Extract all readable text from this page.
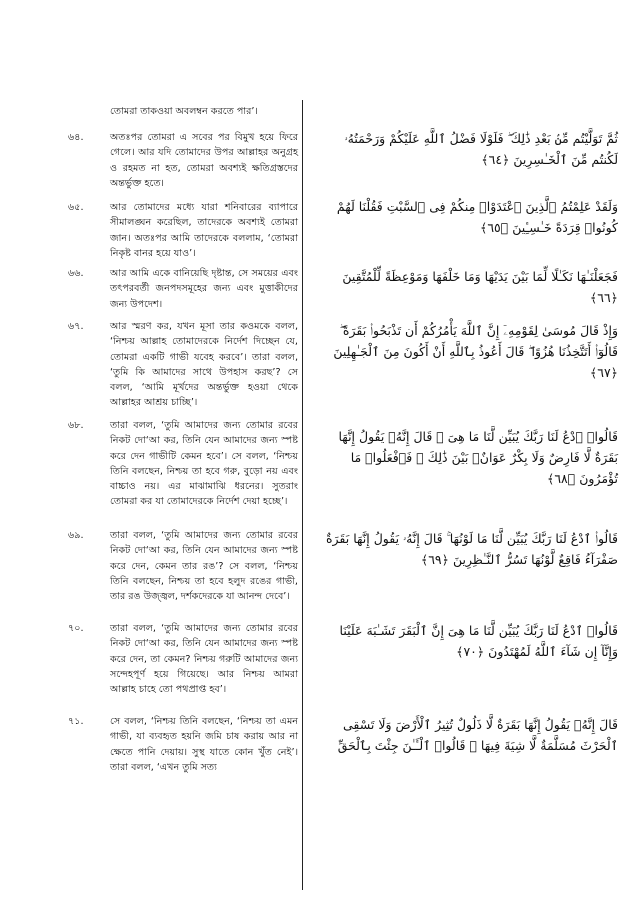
তোমরা তাকওয়া অবলম্বন করতে পার’।
৬৪.	অতঃপর তোমরা এ সবের পর বিমুখ হয়ে ফিরে গেলে। আর যদি তোমাদের উপর আল্লাহর অনুগ্রহ ও রহমত না হত, তোমরা অবশ্যই ক্ষতিগ্রস্তদের অন্তর্ভুক্ত হতে।
৬৫.	আর তোমাদের মধ্যে যারা শনিবারের ব্যাপারে সীমালঙ্ঘন করেছিল, তাদেরকে অবশ্যই তোমরা জান। অতঃপর আমি তাদেরকে বললাম, ‘তোমরা নিকৃষ্ট বানর হয়ে যাও’।
৬৬.	আর আমি একে বানিয়েছি দৃষ্টান্ত, সে সময়ের এবং তৎপরবর্তী জনপদসমূহের জন্য এবং মুত্তাকীদের জন্য উপদেশ।
৬৭.	আর স্মরণ কর, যখন মূসা তার কওমকে বলল, ‘নিশ্চয় আল্লাহ তোমাদেরকে নির্দেশ দিচ্ছেন যে, তোমরা একটি গাভী যবেহ করবে’। তারা বলল, ‘তুমি কি আমাদের সাথে উপহাস করছ’? সে বলল, ‘আমি মূর্খদের অন্তর্ভুক্ত হওয়া থেকে আল্লাহর আশ্রয় চাচ্ছি’।
৬৮.	তারা বলল, ‘তুমি আমাদের জন্য তোমার রবের নিকট দো‘আ কর, তিনি যেন আমাদের জন্য স্পষ্ট করে দেন গাভীটি কেমন হবে’। সে বলল, ‘নিশ্চয় তিনি বলছেন, নিশ্চয় তা হবে গরু, বুড়ো নয় এবং বাচ্চাও নয়। এর মাঝামাঝি ধরনের। সুতরাং তোমরা কর যা তোমাদেরকে নির্দেশ দেয়া হচ্ছে’।
৬৯.	তারা বলল, ‘তুমি আমাদের জন্য তোমার রবের নিকট দো‘আ কর, তিনি যেন আমাদের জন্য স্পষ্ট করে দেন, কেমন তার রঙ’? সে বলল, ‘নিশ্চয় তিনি বলছেন, নিশ্চয় তা হবে হলুদ রঙের গাভী, তার রঙ উজ্জ্বল, দর্শকদেরকে যা আনন্দ দেবে’।
৭০.	তারা বলল, ‘তুমি আমাদের জন্য তোমার রবের নিকট দো‘আ কর, তিনি যেন আমাদের জন্য স্পষ্ট করে দেন, তা কেমন? নিশ্চয় গরুটি আমাদের জন্য সন্দেহপূর্ণ হয়ে গিয়েছে। আর নিশ্চয় আমরা আল্লাহ চাহে তো পথপ্রাপ্ত হব’।
৭১.	সে বলল, ‘নিশ্চয় তিনি বলছেন, ‘নিশ্চয় তা এমন গাভী, যা ব্যবহৃত হয়নি জমি চাষ করায় আর না ক্ষেতে পানি দেয়ায়। সুস্থ যাতে কোন খুঁত নেই’। তারা বলল, ‘এখন তুমি সত্য
ثُمَّ تَوَلَّيْتُم مِّنۢ بَعْدِ ذَٰلِكَ ۖ فَلَوْلَا فَضْلُ ٱللَّهِ عَلَيْكُمْ وَرَحْمَتُهُۥ لَكُنتُم مِّنَ ٱلْخَـٰسِرِينَ ﴿٦٤﴾
وَلَقَدْ عَلِمْتُمُ ٱلَّذِينَ ٱعْتَدَوْا۟ مِنكُمْ فِى ٱلسَّبْتِ فَقُلْنَا لَهُمْ كُونُوا۟ قِرَدَةً خَـٰسِـِٔينَ ﴿٦٥﴾
فَجَعَلْنَـٰهَا نَكَـٰلًا لِّمَا بَيْنَ يَدَيْهَا وَمَا خَلْفَهَا وَمَوْعِظَةً لِّلْمُتَّقِينَ ﴿٦٦﴾
وَإِذْ قَالَ مُوسَىٰ لِقَوْمِهِۦٓ إِنَّ ٱللَّهَ يَأْمُرُكُمْ أَن تَذْبَحُوا۟ بَقَرَةً ۖ قَالُوٓا۟ أَتَتَّخِذُنَا هُزُوًا ۖ قَالَ أَعُوذُ بِٱللَّهِ أَنْ أَكُونَ مِنَ ٱلْجَـٰهِلِينَ ﴿٦٧﴾
قَالُوا۟ ٱدْعُ لَنَا رَبَّكَ يُبَيِّن لَّنَا مَا هِىَ ۚ قَالَ إِنَّهُۥ يَقُولُ إِنَّهَا بَقَرَةٌ لَّا فَارِضٌ وَلَا بِكْرٌ عَوَانٌۢ بَيْنَ ذَٰلِكَ ۖ فَٱفْعَلُوا۟ مَا تُؤْمَرُونَ ﴿٦٨﴾
قَالُوا۟ ٱدْعُ لَنَا رَبَّكَ يُبَيِّن لَّنَا مَا لَوْنُهَا ۚ قَالَ إِنَّهُۥ يَقُولُ إِنَّهَا بَقَرَةٌ صَفْرَآءُ فَاقِعٌ لَّوْنُهَا تَسُرُّ ٱلنَّـٰظِرِينَ ﴿٦٩﴾
قَالُوا۟ ٱدْعُ لَنَا رَبَّكَ يُبَيِّن لَّنَا مَا هِىَ إِنَّ ٱلْبَقَرَ تَشَـٰبَهَ عَلَيْنَا وَإِنَّآ إِن شَآءَ ٱللَّهُ لَمُهْتَدُونَ ﴿٧٠﴾
قَالَ إِنَّهُۥ يَقُولُ إِنَّهَا بَقَرَةٌ لَّا ذَلُولٌ تُثِيرُ ٱلْأَرْضَ وَلَا تَسْقِى ٱلْحَرْثَ مُسَلَّمَةٌ لَّا شِيَةَ فِيهَا ۚ قَالُوا۟ ٱلْـَٔـٰنَ جِئْتَ بِٱلْحَقِّ
